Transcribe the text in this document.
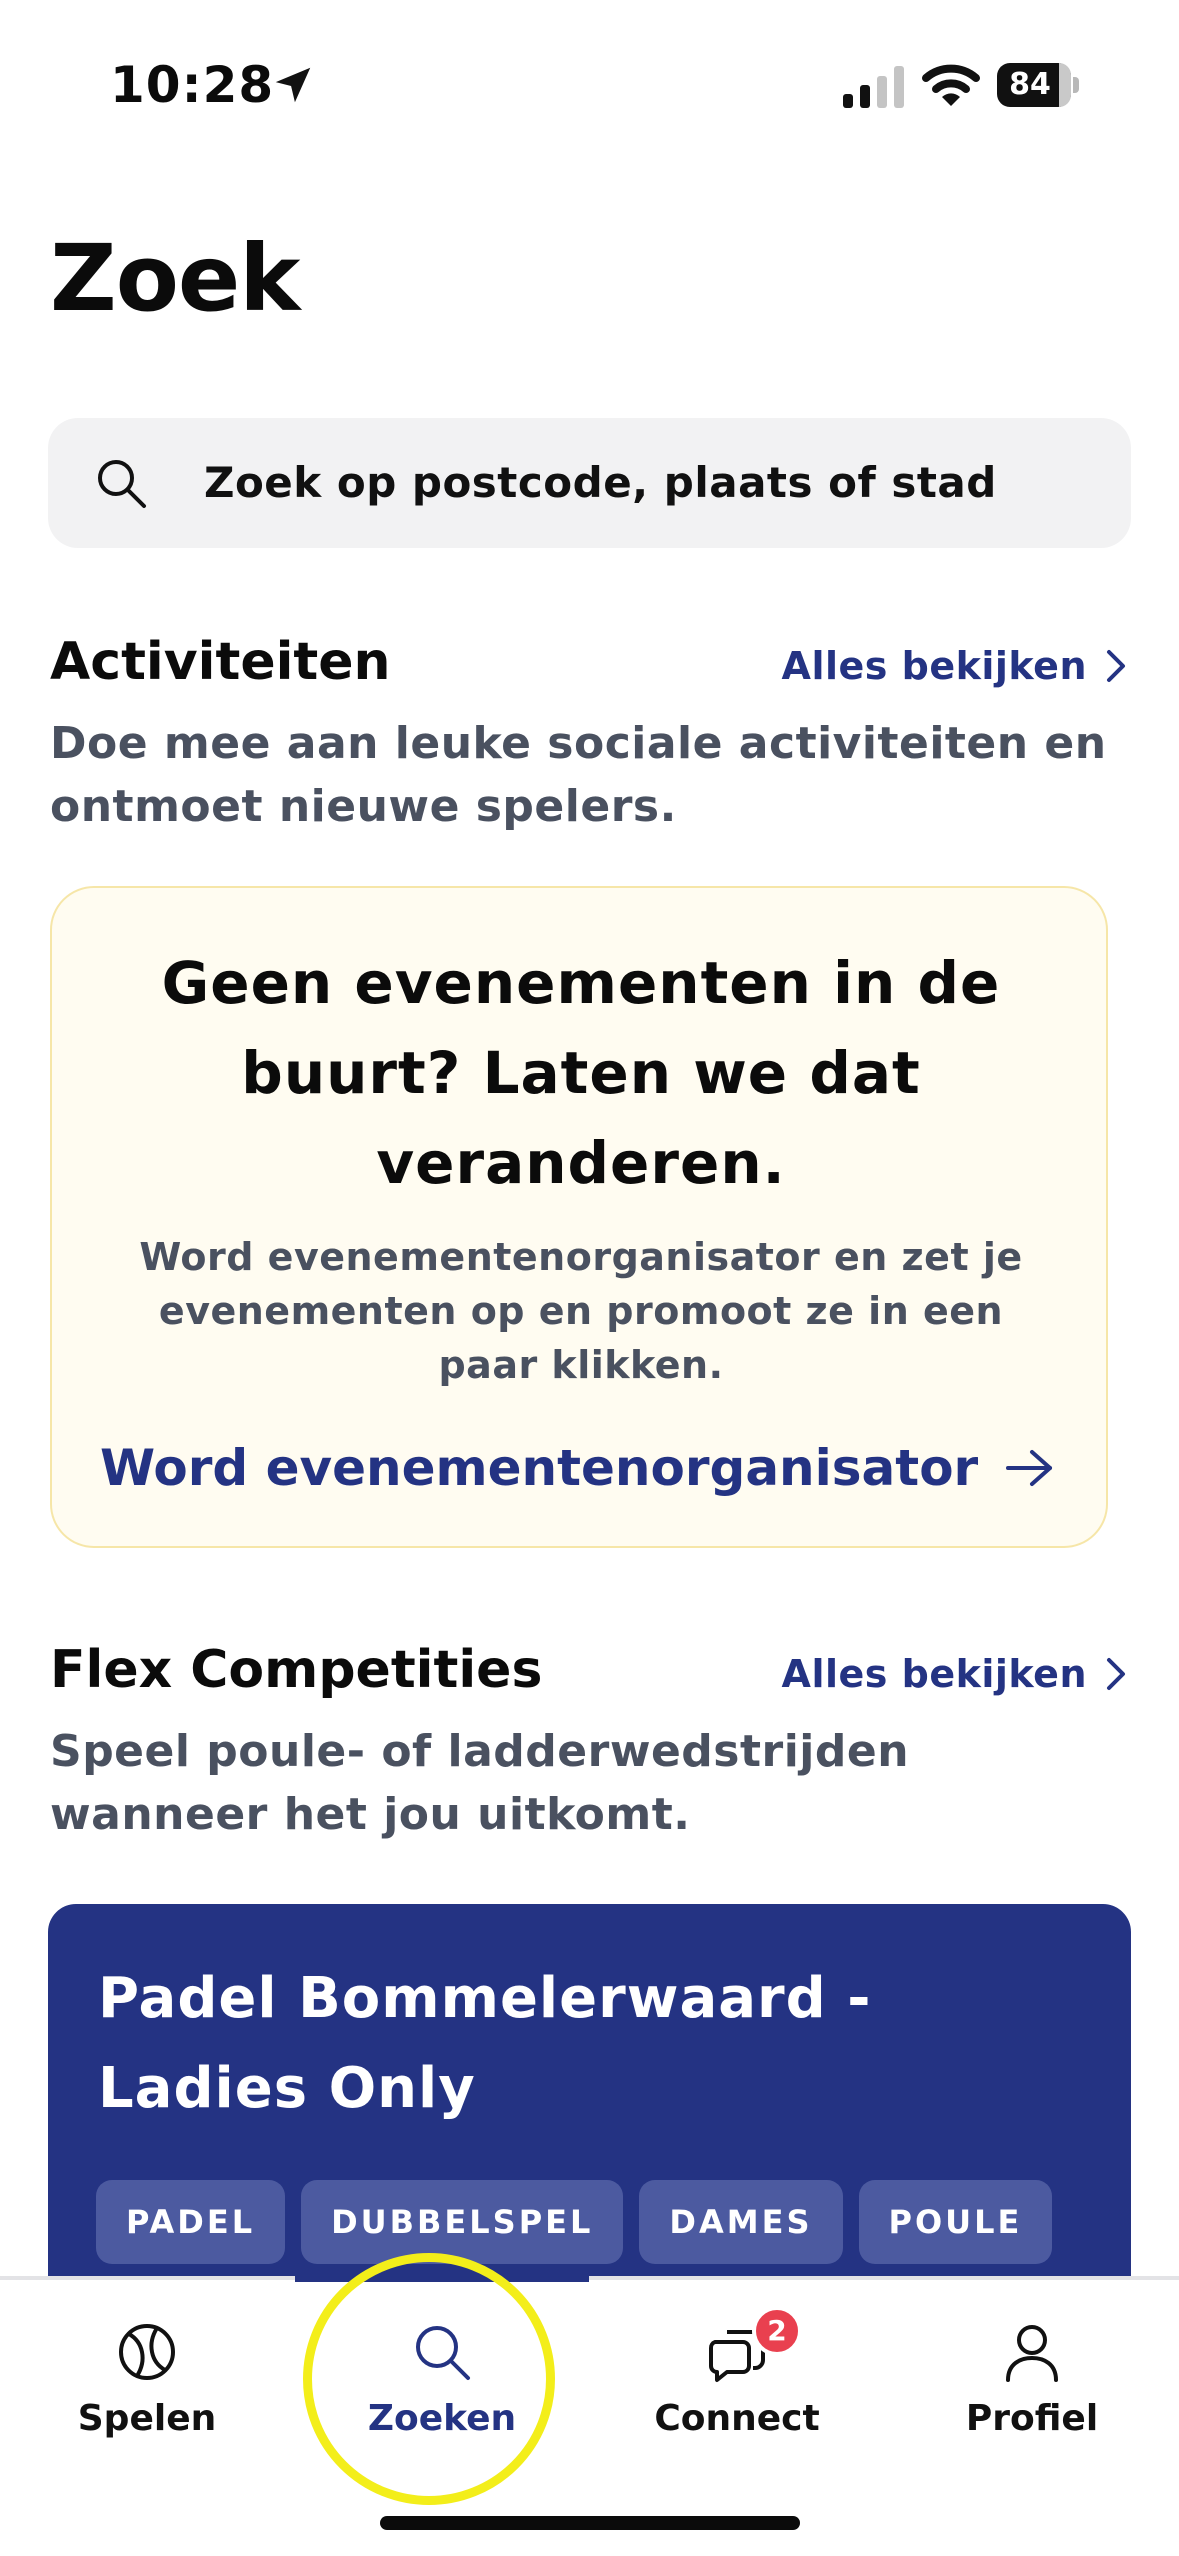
10:28	84
Zoek
Zoek op postcode, plaats of stad
Activiteiten	Alles bekijken

Doe mee aan leuke sociale activiteiten en ontmoet nieuwe spelers.

Geen evenementen in de buurt? Laten we dat veranderen.

Word evenementenorganisator en zet je evenementen op en promoot ze in een paar klikken.

Word evenementenorganisator
Flex Competities	Alles bekijken

Speel poule- of ladderwedstrijden wanneer het jou uitkomt.

Padel Bommelerwaard - Ladies Only

PADEL	DUBBELSPEL	DAMES	POULE
Spelen	Zoeken
2
Connect	Profiel
